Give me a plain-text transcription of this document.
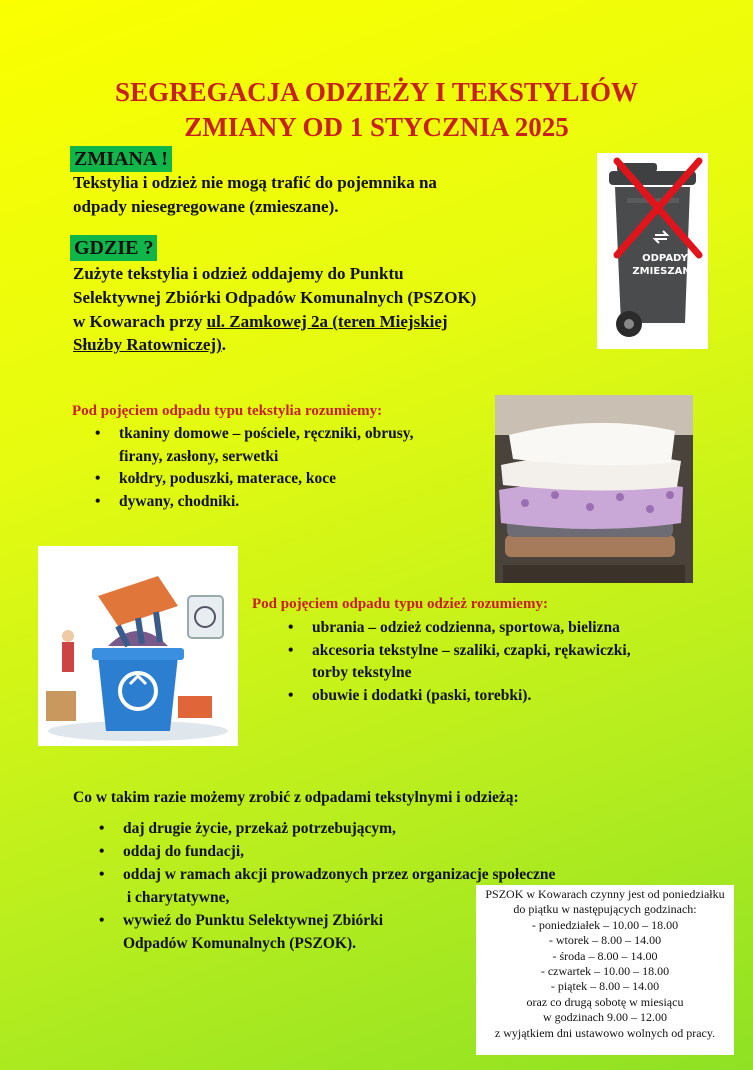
SEGREGACJA ODZIEŻY I TEKSTYLIÓW
ZMIANY OD 1 STYCZNIA 2025
ZMIANA !
Tekstylia i odzież nie mogą trafić do pojemnika na
odpady niesegregowane (zmieszane).
ODPADY
ZMIESZANE
GDZIE ?
Zużyte tekstylia i odzież oddajemy do Punktu
Selektywnej Zbiórki Odpadów Komunalnych (PSZOK)
w Kowarach przy ul. Zamkowej 2a (teren Miejskiej
Służby Ratowniczej).
Pod pojęciem odpadu typu tekstylia rozumiemy:
• tkaniny domowe – pościele, ręczniki, obrusy,
firany, zasłony, serwetki
• kołdry, poduszki, materace, koce
• dywany, chodniki.
Pod pojęciem odpadu typu odzież rozumiemy:
• ubrania – odzież codzienna, sportowa, bielizna
• akcesoria tekstylne – szaliki, czapki, rękawiczki,
torby tekstylne
• obuwie i dodatki (paski, torebki).
Co w takim razie możemy zrobić z odpadami tekstylnymi i odzieżą:
• daj drugie życie, przekaż potrzebującym,
• oddaj do fundacji,
• oddaj w ramach akcji prowadzonych przez organizacje społeczne
i charytatywne,
• wywieź do Punktu Selektywnej Zbiórki
Odpadów Komunalnych (PSZOK).
PSZOK w Kowarach czynny jest od poniedziałku
do piątku w następujących godzinach:
- poniedziałek – 10.00 – 18.00
- wtorek – 8.00 – 14.00
- środa – 8.00 – 14.00
- czwartek – 10.00 – 18.00
- piątek – 8.00 – 14.00
oraz co drugą sobotę w miesiącu
w godzinach 9.00 – 12.00
z wyjątkiem dni ustawowo wolnych od pracy.
